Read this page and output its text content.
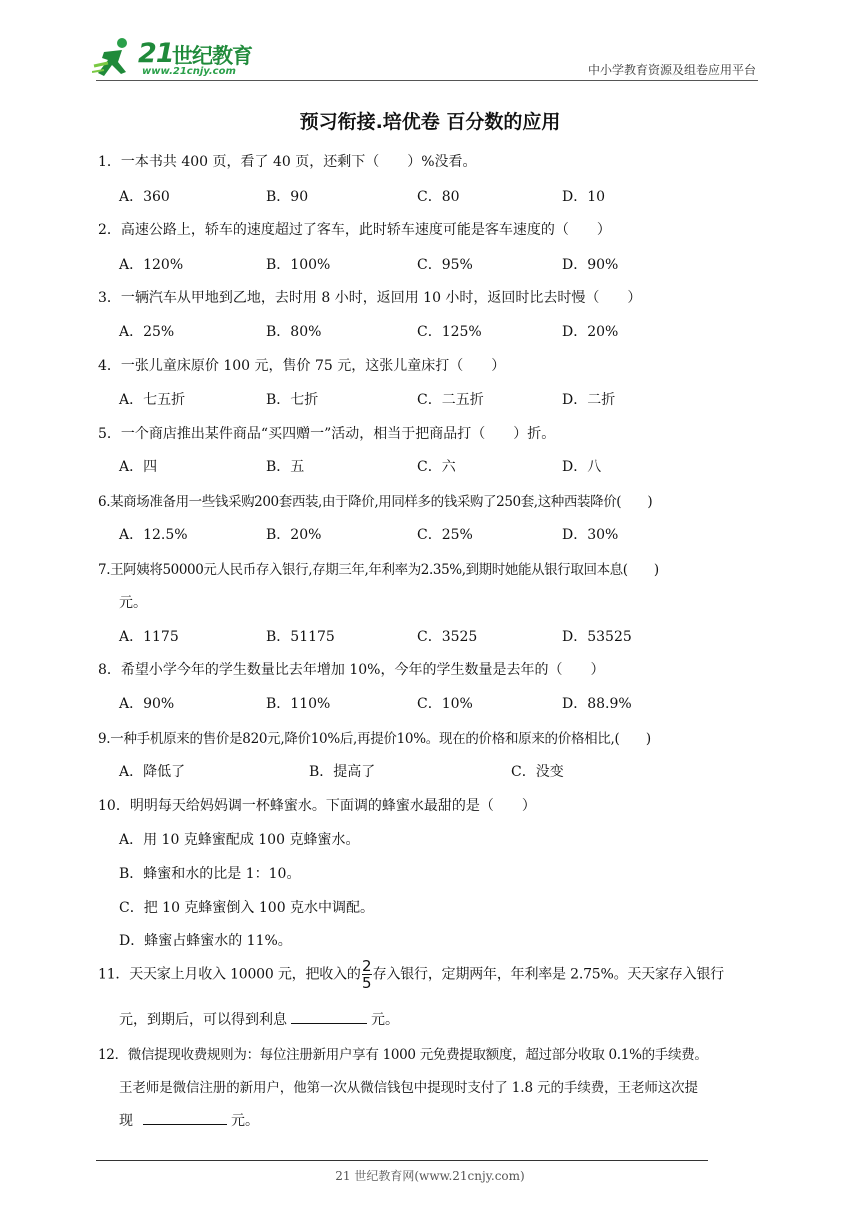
21
世纪教育
www.21cnjy.com	中小学教育资源及组卷应用平台
预习衔接.培优卷 百分数的应用
1．一本书共 400 页，看了 40 页，还剩下（　　）%没看。
A．360	B．90	C．80	D．10
2．高速公路上，轿车的速度超过了客车，此时轿车速度可能是客车速度的（　　）
A．120%	B．100%	C．95%	D．90%
3．一辆汽车从甲地到乙地，去时用 8 小时，返回用 10 小时，返回时比去时慢（　　）
A．25%	B．80%	C．125%	D．20%
4．一张儿童床原价 100 元，售价 75 元，这张儿童床打（　　）
A．七五折	B．七折	C．二五折	D．二折
5．一个商店推出某件商品“买四赠一”活动，相当于把商品打（　　）折。
A．四	B．五	C．六	D．八
6.某商场准备用一些钱采购200套西装,由于降价,用同样多的钱采购了250套,这种西装降价(　　)
A．12.5%	B．20%	C．25%	D．30%
7.王阿姨将50000元人民币存入银行,存期三年,年利率为2.35%,到期时她能从银行取回本息(　　)
元。
A．1175	B．51175	C．3525	D．53525
8．希望小学今年的学生数量比去年增加 10%，今年的学生数量是去年的（　　）
A．90%	B．110%	C．10%	D．88.9%
9.一种手机原来的售价是820元,降价10%后,再提价10%。现在的价格和原来的价格相比,(　　)
A．降低了	B．提高了	C．没变
10．明明每天给妈妈调一杯蜂蜜水。下面调的蜂蜜水最甜的是（　　）
A．用 10 克蜂蜜配成 100 克蜂蜜水。
B．蜂蜜和水的比是 1：10。
C．把 10 克蜂蜜倒入 100 克水中调配。
D．蜂蜜占蜂蜜水的 11%。
11．天天家上月收入 10000 元，把收入的 $\frac{2}{5}$ 存入银行，定期两年，年利率是 2.75%。天天家存入银行
元，到期后，可以得到利息	元。
12．微信提现收费规则为：每位注册新用户享有 1000 元免费提取额度，超过部分收取 0.1%的手续费。
王老师是微信注册的新用户，他第一次从微信钱包中提现时支付了 1.8 元的手续费，王老师这次提
现	元。
21 世纪教育网(www.21cnjy.com)
